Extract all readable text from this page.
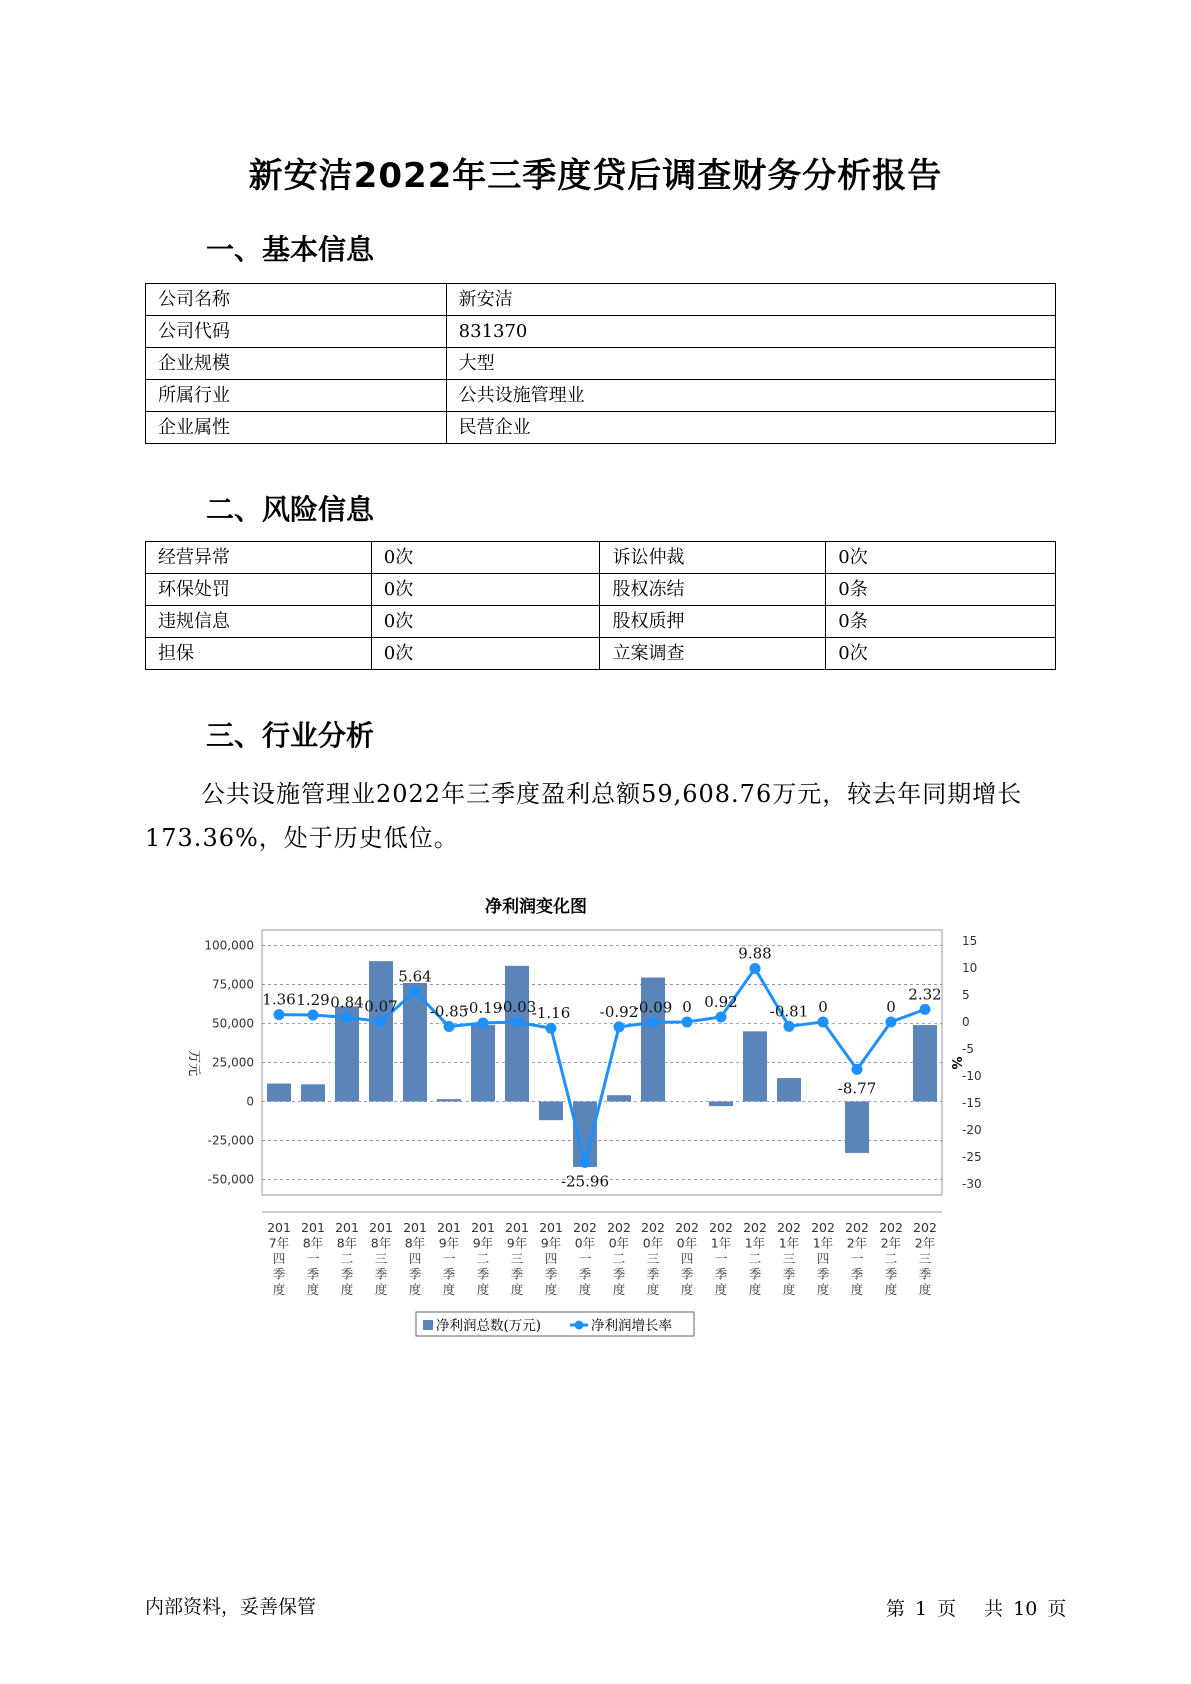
新安洁2022年三季度贷后调查财务分析报告
一、基本信息
公司名称	新安洁
公司代码	831370
企业规模	大型
所属行业	公共设施管理业
企业属性	民营企业
二、风险信息
经营异常	0次	诉讼仲裁	0次
环保处罚	0次	股权冻结	0条
违规信息	0次	股权质押	0条
担保	0次	立案调查	0次
三、行业分析
公共设施管理业2022年三季度盈利总额59,608.76万元，较去年同期增长173.36%，处于历史低位。
净利润变化图
100,000
75,000
50,000
25,000
0
-25,000
-50,000
15
10
5
0
-5
-10
-15
-20
-25
-30
万元	%
1.36 1.29 0.84 0.07
5.64
-0.85
-0.19
-0.03
-1.16
-25.96
-0.92
-0.09 0 0.92
9.88
-0.81 0
-8.77
0
2.32
201 7年四季度
201 8年一季度
201 8年二季度
201 8年三季度
201 8年四季度
201 9年一季度
201 9年二季度
201 9年三季度
201 9年四季度
202 0年一季度
202 0年二季度
202 0年三季度
202 0年四季度
202 1年一季度
202 1年二季度
202 1年三季度
202 1年四季度
202 2年一季度
202 2年二季度
202 2年三季度
净利润总数(万元)	净利润增长率
内部资料，妥善保管	第 1 页 共 10 页
